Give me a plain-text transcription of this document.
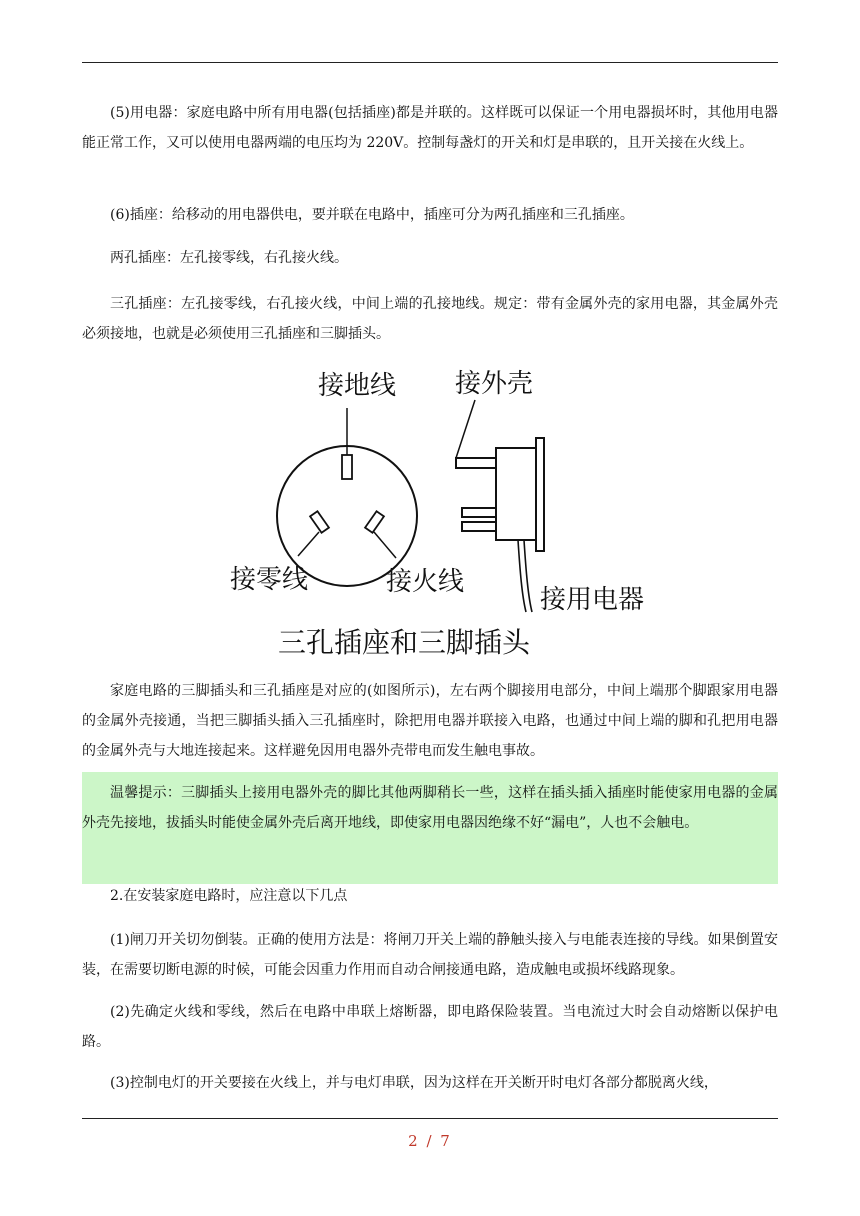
(5)用电器：家庭电路中所有用电器(包括插座)都是并联的。这样既可以保证一个用电器损坏时，其他用电器能正常工作，又可以使用电器两端的电压均为 220V。控制每盏灯的开关和灯是串联的，且开关接在火线上。

(6)插座：给移动的用电器供电，要并联在电路中，插座可分为两孔插座和三孔插座。

两孔插座：左孔接零线，右孔接火线。

三孔插座：左孔接零线，右孔接火线，中间上端的孔接地线。规定：带有金属外壳的家用电器，其金属外壳必须接地，也就是必须使用三孔插座和三脚插头。

接地线 接外壳
接零线	接火线
接用电器
三孔插座和三脚插头

家庭电路的三脚插头和三孔插座是对应的(如图所示)，左右两个脚接用电部分，中间上端那个脚跟家用电器的金属外壳接通，当把三脚插头插入三孔插座时，除把用电器并联接入电路，也通过中间上端的脚和孔把用电器的金属外壳与大地连接起来。这样避免因用电器外壳带电而发生触电事故。

温馨提示：三脚插头上接用电器外壳的脚比其他两脚稍长一些，这样在插头插入插座时能使家用电器的金属外壳先接地，拔插头时能使金属外壳后离开地线，即使家用电器因绝缘不好“漏电”，人也不会触电。

2.在安装家庭电路时，应注意以下几点

(1)闸刀开关切勿倒装。正确的使用方法是：将闸刀开关上端的静触头接入与电能表连接的导线。如果倒置安装，在需要切断电源的时候，可能会因重力作用而自动合闸接通电路，造成触电或损坏线路现象。

(2)先确定火线和零线，然后在电路中串联上熔断器，即电路保险装置。当电流过大时会自动熔断以保护电路。

(3)控制电灯的开关要接在火线上，并与电灯串联，因为这样在开关断开时电灯各部分都脱离火线，

2 / 7
